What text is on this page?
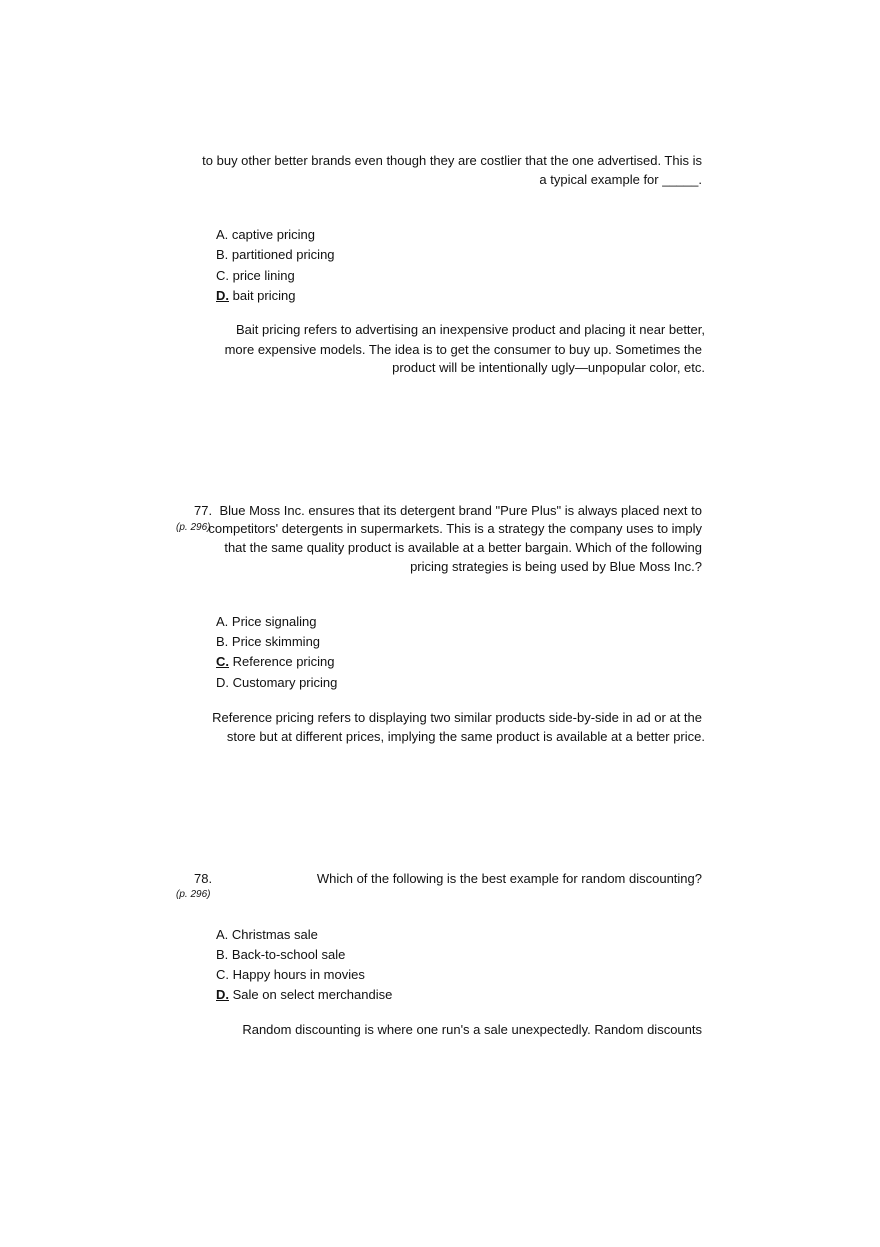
to buy other better brands even though they are costlier that the one advertised. This is
a typical example for _____.
A. captive pricing
B. partitioned pricing
C. price lining
D. bait pricing
Bait pricing refers to advertising an inexpensive product and placing it near better,
more expensive models. The idea is to get the consumer to buy up. Sometimes the
product will be intentionally ugly—unpopular color, etc.
77.
(p. 296)
Blue Moss Inc. ensures that its detergent brand "Pure Plus" is always placed next to
competitors' detergents in supermarkets. This is a strategy the company uses to imply
that the same quality product is available at a better bargain. Which of the following
pricing strategies is being used by Blue Moss Inc.?
A. Price signaling
B. Price skimming
C. Reference pricing
D. Customary pricing
Reference pricing refers to displaying two similar products side-by-side in ad or at the
store but at different prices, implying the same product is available at a better price.
78.
(p. 296)
Which of the following is the best example for random discounting?
A. Christmas sale
B. Back-to-school sale
C. Happy hours in movies
D. Sale on select merchandise
Random discounting is where one run's a sale unexpectedly. Random discounts
